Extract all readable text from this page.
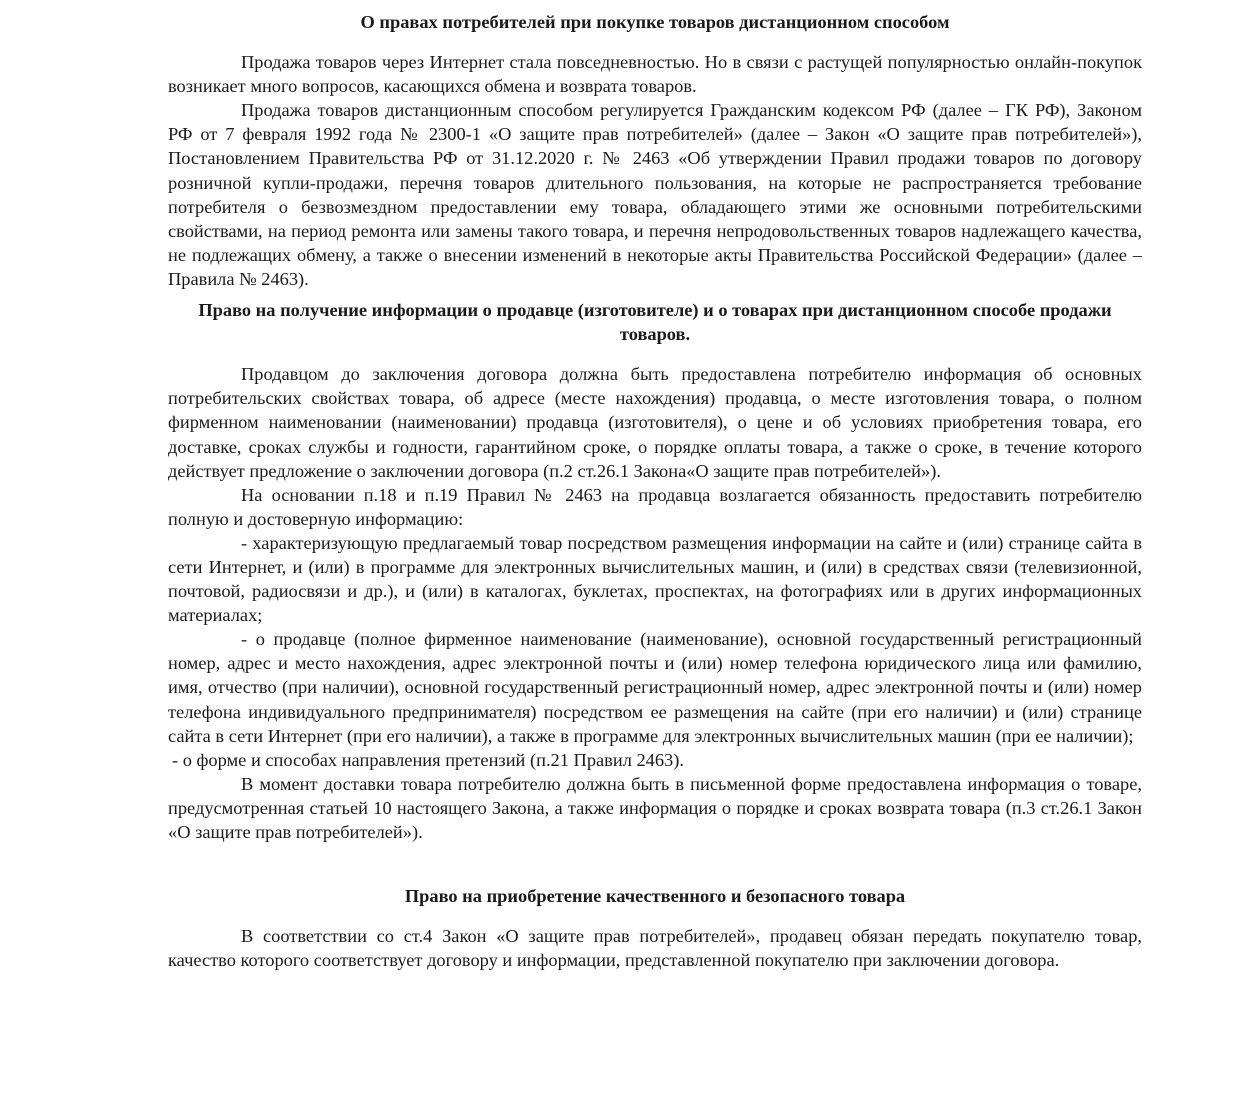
О правах потребителей при покупке товаров дистанционном способом

Продажа товаров через Интернет стала повседневностью. Но в связи с растущей популярностью онлайн-покупок возникает много вопросов, касающихся обмена и возврата товаров.

Продажа товаров дистанционным способом регулируется Гражданским кодексом РФ (далее – ГК РФ), Законом РФ от 7 февраля 1992 года № 2300-1 «О защите прав потребителей» (далее – Закон «О защите прав потребителей»), Постановлением Правительства РФ от 31.12.2020 г. № 2463 «Об утверждении Правил продажи товаров по договору розничной купли-продажи, перечня товаров длительного пользования, на которые не распространяется требование потребителя о безвозмездном предоставлении ему товара, обладающего этими же основными потребительскими свойствами, на период ремонта или замены такого товара, и перечня непродовольственных товаров надлежащего качества, не подлежащих обмену, а также о внесении изменений в некоторые акты Правительства Российской Федерации» (далее – Правила № 2463).

Право на получение информации о продавце (изготовителе) и о товарах при дистанционном способе продажи товаров.

Продавцом до заключения договора должна быть предоставлена потребителю информация об основных потребительских свойствах товара, об адресе (месте нахождения) продавца, о месте изготовления товара, о полном фирменном наименовании (наименовании) продавца (изготовителя), о цене и об условиях приобретения товара, его доставке, сроках службы и годности, гарантийном сроке, о порядке оплаты товара, а также о сроке, в течение которого действует предложение о заключении договора (п.2 ст.26.1 Закона«О защите прав потребителей»).

На основании п.18 и п.19 Правил № 2463 на продавца возлагается обязанность предоставить потребителю полную и достоверную информацию:

- характеризующую предлагаемый товар посредством размещения информации на сайте и (или) странице сайта в сети Интернет, и (или) в программе для электронных вычислительных машин, и (или) в средствах связи (телевизионной, почтовой, радиосвязи и др.), и (или) в каталогах, буклетах, проспектах, на фотографиях или в других информационных материалах;

- о продавце (полное фирменное наименование (наименование), основной государственный регистрационный номер, адрес и место нахождения, адрес электронной почты и (или) номер телефона юридического лица или фамилию, имя, отчество (при наличии), основной государственный регистрационный номер, адрес электронной почты и (или) номер телефона индивидуального предпринимателя) посредством ее размещения на сайте (при его наличии) и (или) странице сайта в сети Интернет (при его наличии), а также в программе для электронных вычислительных машин (при ее наличии);

- о форме и способах направления претензий (п.21 Правил 2463).

В момент доставки товара потребителю должна быть в письменной форме предоставлена информация о товаре, предусмотренная статьей 10 настоящего Закона, а также информация о порядке и сроках возврата товара (п.3 ст.26.1 Закон «О защите прав потребителей»).

Право на приобретение качественного и безопасного товара

В соответствии со ст.4 Закон «О защите прав потребителей», продавец обязан передать покупателю товар, качество которого соответствует договору и информации, представленной покупателю при заключении договора.
